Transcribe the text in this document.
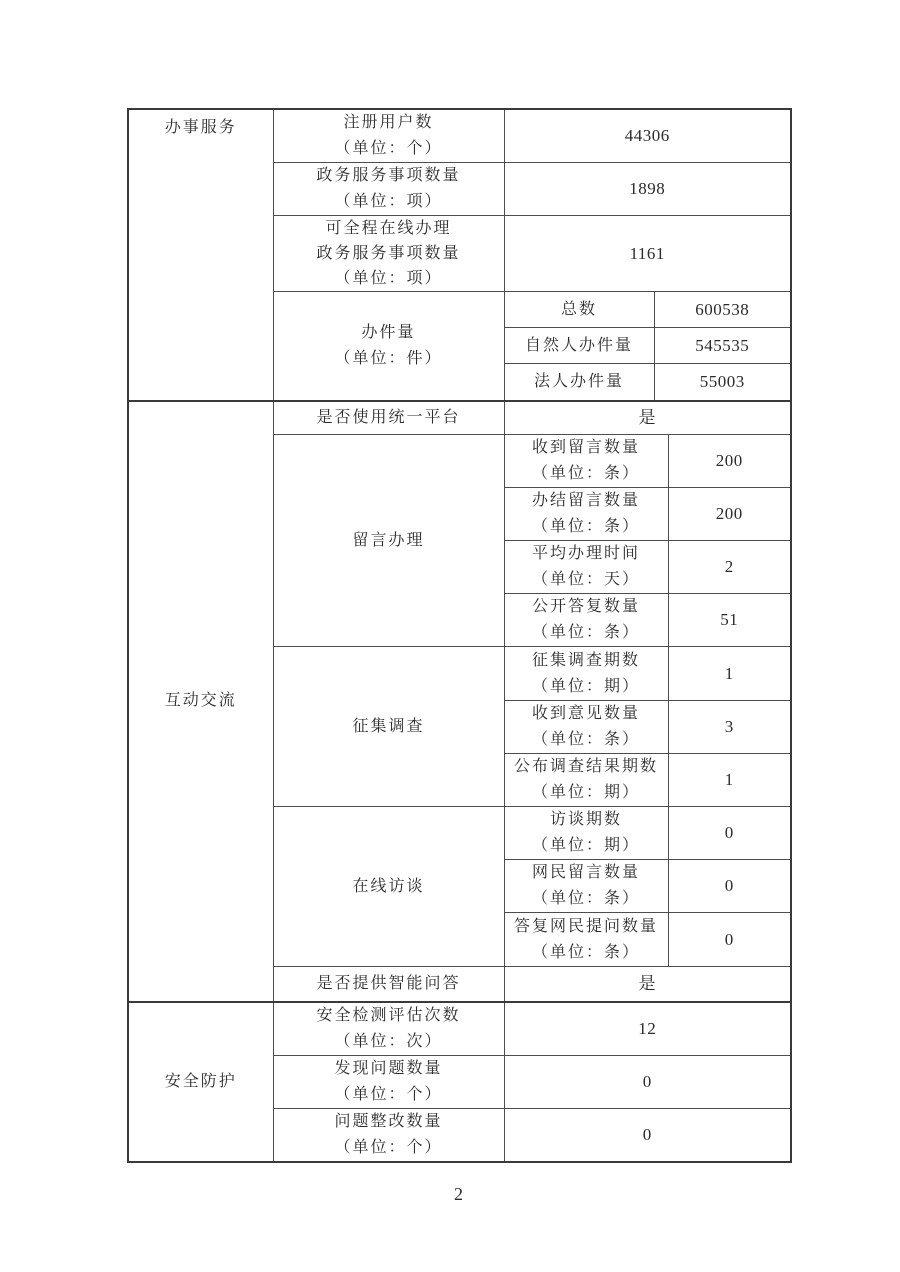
办事服务	注册用户数
（单位：个）	44306		

	政务服务事项数量
（单位：项）	1898		

	可全程在线办理
政务服务事项数量
（单位：项）	1161		

	办件量
（单位：件）	总数	600538	
		自然人办件量	545535	
		法人办件量	55003	

互动交流	是否使用统一平台	是		

	留言办理	收到留言数量
（单位：条）		200

		办结留言数量
（单位：条）		200

		平均办理时间
（单位：天）		2

		公开答复数量
（单位：条）		51

	征集调查	征集调查期数
（单位：期）		1

		收到意见数量
（单位：条）		3

		公布调查结果期数
（单位：期）		1

	在线访谈	访谈期数
（单位：期）		0

		网民留言数量
（单位：条）		0

		答复网民提问数量
（单位：条）		0
	是否提供智能问答	是		

安全防护	安全检测评估次数
（单位：次）	12		

	发现问题数量
（单位：个）	0		

	问题整改数量
（单位：个）	0		
2
